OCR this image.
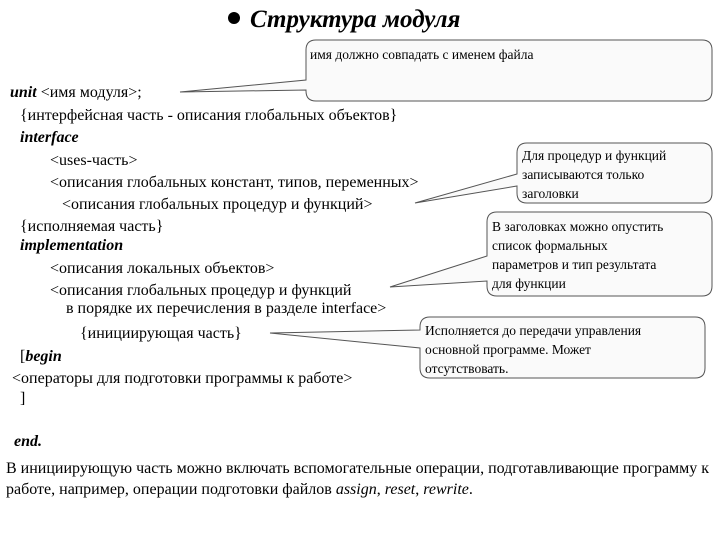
Структура модуля
unit <имя модуля>;
{интерфейсная часть - описания глобальных объектов}
interface
<uses-часть>
<описания глобальных констант, типов, переменных>
<описания глобальных процедур и функций>
{исполняемая часть}
implementation
<описания локальных объектов>
<описания глобальных процедур и функций
в порядке их перечисления в разделе interface>
{инициирующая часть}
[begin
<операторы для подготовки программы к работе>
]
end.
имя должно совпадать с именем файла
Для процедур и функций
записываются только
заголовки
В заголовках можно опустить
список формальных
параметров и тип результата
для функции
Исполняется до передачи управления
основной программе. Может
отсутствовать.
В инициирующую часть можно включать вспомогательные операции, подготавливающие программу к работе, например, операции подготовки файлов assign, reset, rewrite.
